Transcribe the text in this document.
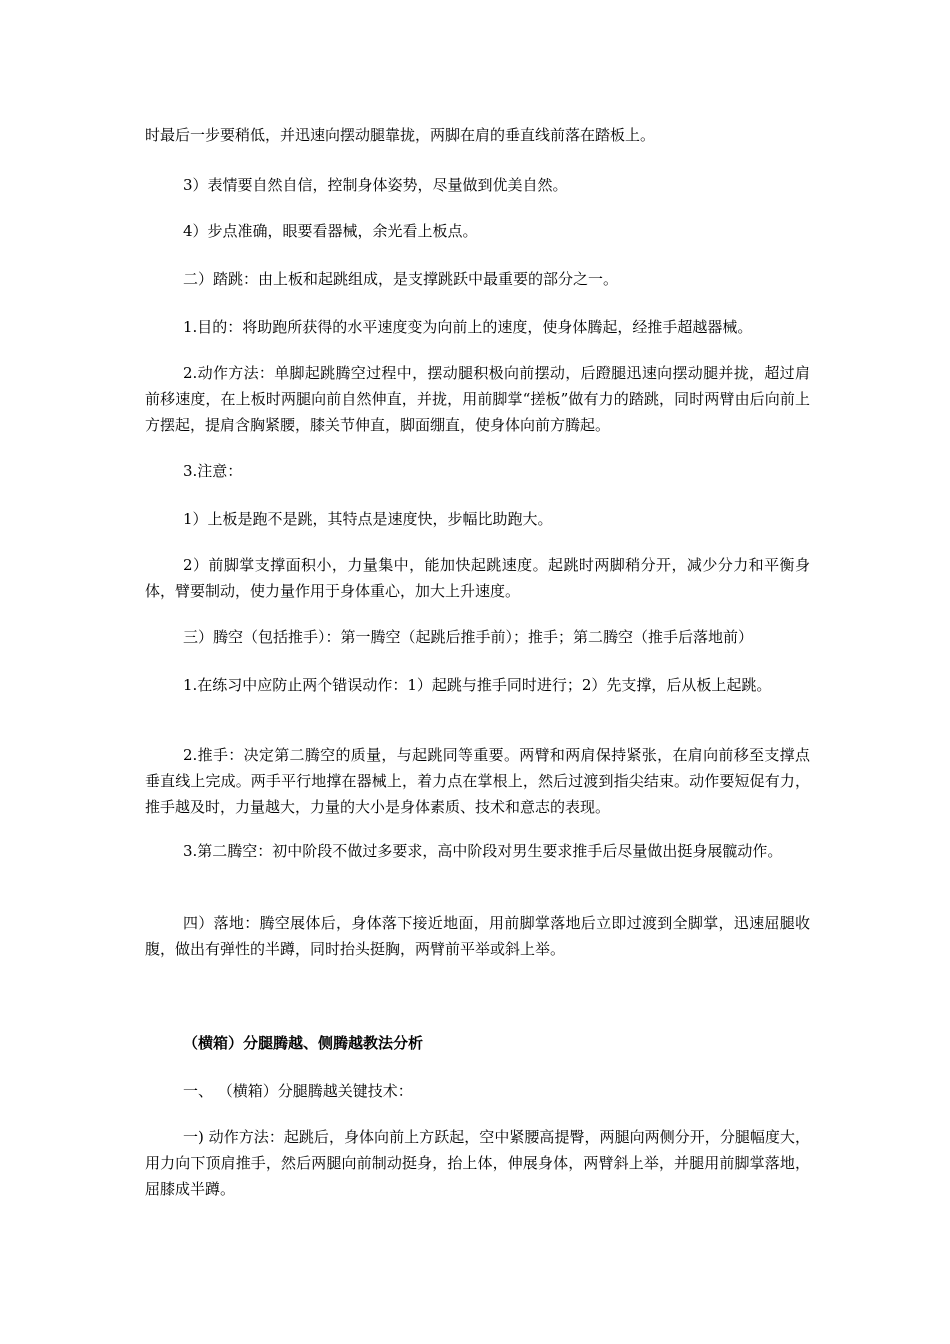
时最后一步要稍低，并迅速向摆动腿靠拢，两脚在肩的垂直线前落在踏板上。

3）表情要自然自信，控制身体姿势，尽量做到优美自然。

4）步点准确，眼要看器械，余光看上板点。

二）踏跳：由上板和起跳组成，是支撑跳跃中最重要的部分之一。

1.目的：将助跑所获得的水平速度变为向前上的速度，使身体腾起，经推手超越器械。

2.动作方法：单脚起跳腾空过程中，摆动腿积极向前摆动，后蹬腿迅速向摆动腿并拢，超过肩前移速度，在上板时两腿向前自然伸直，并拢，用前脚掌“搓板”做有力的踏跳，同时两臂由后向前上方摆起，提肩含胸紧腰，膝关节伸直，脚面绷直，使身体向前方腾起。

3.注意：

1）上板是跑不是跳，其特点是速度快，步幅比助跑大。

2）前脚掌支撑面积小，力量集中，能加快起跳速度。起跳时两脚稍分开，减少分力和平衡身体，臂要制动，使力量作用于身体重心，加大上升速度。

三）腾空（包括推手）：第一腾空（起跳后推手前）；推手；第二腾空（推手后落地前）

1.在练习中应防止两个错误动作：1）起跳与推手同时进行；2）先支撑，后从板上起跳。

2.推手：决定第二腾空的质量，与起跳同等重要。两臂和两肩保持紧张，在肩向前移至支撑点垂直线上完成。两手平行地撑在器械上，着力点在掌根上，然后过渡到指尖结束。动作要短促有力，推手越及时，力量越大，力量的大小是身体素质、技术和意志的表现。

3.第二腾空：初中阶段不做过多要求，高中阶段对男生要求推手后尽量做出挺身展髋动作。

四）落地：腾空展体后，身体落下接近地面，用前脚掌落地后立即过渡到全脚掌，迅速屈腿收腹，做出有弹性的半蹲，同时抬头挺胸，两臂前平举或斜上举。

（横箱）分腿腾越、侧腾越教法分析

一、 （横箱）分腿腾越关键技术：

一) 动作方法：起跳后，身体向前上方跃起，空中紧腰高提臀，两腿向两侧分开，分腿幅度大，用力向下顶肩推手，然后两腿向前制动挺身，抬上体，伸展身体，两臂斜上举，并腿用前脚掌落地，屈膝成半蹲。
